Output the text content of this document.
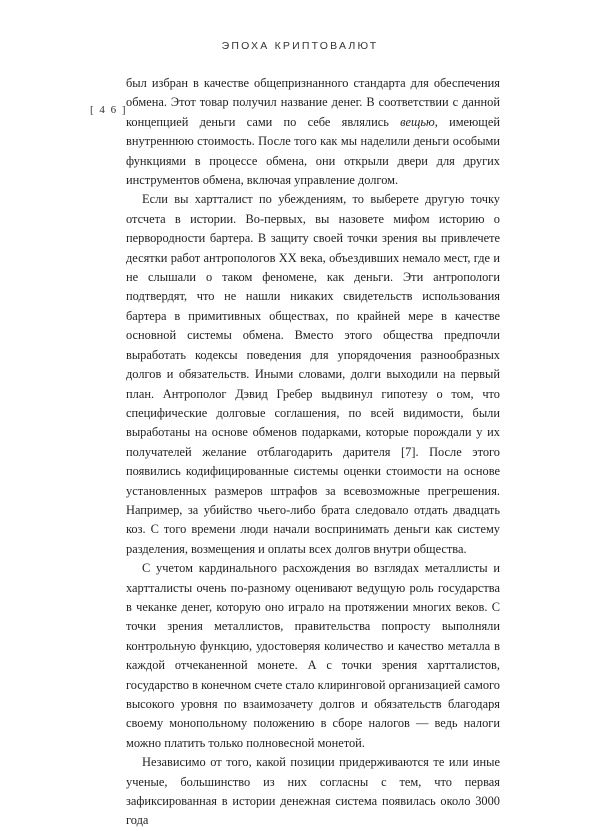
ЭПОХА КРИПТОВАЛЮТ
[ 4 6 ]

был избран в качестве общепризнанного стандарта для обеспечения обмена. Этот товар получил название денег. В соответствии с данной концепцией деньги сами по себе являлись вещью, имеющей внутреннюю стоимость. После того как мы наделили деньги особыми функциями в процессе обмена, они открыли двери для других инструментов обмена, включая управление долгом.

Если вы хартталист по убеждениям, то выберете другую точку отсчета в истории. Во-первых, вы назовете мифом историю о первородности бартера. В защиту своей точки зрения вы привлечете десятки работ антропологов XX века, объездивших немало мест, где и не слышали о таком феномене, как деньги. Эти антропологи подтвердят, что не нашли никаких свидетельств использования бартера в примитивных обществах, по крайней мере в качестве основной системы обмена. Вместо этого общества предпочли выработать кодексы поведения для упорядочения разнообразных долгов и обязательств. Иными словами, долги выходили на первый план. Антрополог Дэвид Гребер выдвинул гипотезу о том, что специфические долговые соглашения, по всей видимости, были выработаны на основе обменов подарками, которые порождали у их получателей желание отблагодарить дарителя [7]. После этого появились кодифицированные системы оценки стоимости на основе установленных размеров штрафов за всевозможные прегрешения. Например, за убийство чьего-либо брата следовало отдать двадцать коз. С того времени люди начали воспринимать деньги как систему разделения, возмещения и оплаты всех долгов внутри общества.

С учетом кардинального расхождения во взглядах металлисты и хартталисты очень по-разному оценивают ведущую роль государства в чеканке денег, которую оно играло на протяжении многих веков. С точки зрения металлистов, правительства попросту выполняли контрольную функцию, удостоверяя количество и качество металла в каждой отчеканенной монете. А с точки зрения хартталистов, государство в конечном счете стало клиринговой организацией самого высокого уровня по взаимозачету долгов и обязательств благодаря своему монопольному положению в сборе налогов — ведь налоги можно платить только полновесной монетой.

Независимо от того, какой позиции придерживаются те или иные ученые, большинство из них согласны с тем, что первая зафиксированная в истории денежная система появилась около 3000 года
